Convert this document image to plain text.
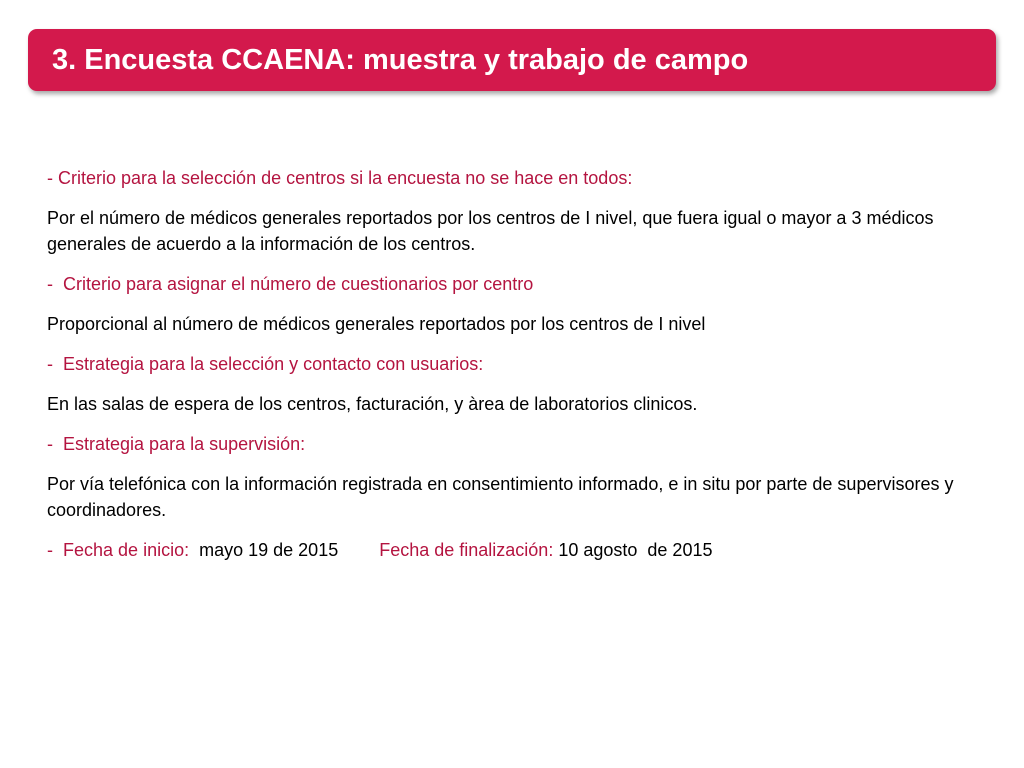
3. Encuesta CCAENA: muestra y trabajo de campo

- Criterio para la selección de centros si la encuesta no se hace en todos:

Por el número de médicos generales reportados por los centros de I nivel, que fuera igual o mayor a 3 médicos generales de acuerdo a la información de los centros.

- Criterio para asignar el número de cuestionarios por centro

Proporcional al número de médicos generales reportados por los centros de I nivel

- Estrategia para la selección y contacto con usuarios:

En las salas de espera de los centros, facturación, y àrea de laboratorios clinicos.

- Estrategia para la supervisión:

Por vía telefónica con la información registrada en consentimiento informado, e in situ por parte de supervisores y coordinadores.

- Fecha de inicio: mayo 19 de 2015 Fecha de finalización: 10 agosto  de 2015
